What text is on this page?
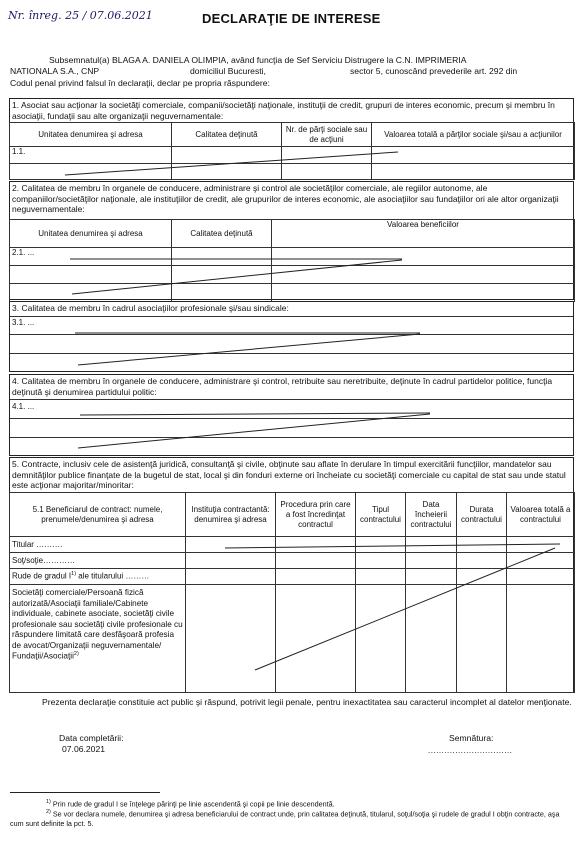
Nr. înreg. 25 / 07.06.2021	DECLARAŢIE DE INTERESE
Subsemnatul(a) BLAGA A. DANIELA OLIMPIA, având funcţia de Sef Serviciu Distrugere la C.N. IMPRIMERIA
NATIONALA S.A., CNP	domiciliul Bucuresti,	sector 5, cunoscând prevederile art. 292 din
Codul penal privind falsul în declaraţii, declar pe propria răspundere:
1. Asociat sau acţionar la societăţi comerciale, companii/societăţi naţionale, instituţii de credit, grupuri de interes economic, precum şi membru în asociaţii, fundaţii sau alte organizaţii neguvernamentale:
Unitatea denumirea şi adresa	Calitatea deţinută	Nr. de părţi sociale sau de acţiuni	Valoarea totală a părţilor sociale şi/sau a acţiunilor
1.1.			

2. Calitatea de membru în organele de conducere, administrare şi control ale societăţilor comerciale, ale regiilor autonome, ale companiilor/societăţilor naţionale, ale instituţiilor de credit, ale grupurilor de interes economic, ale asociaţiilor sau fundaţiilor ori ale altor organizaţii neguvernamentale:
Unitatea denumirea şi adresa	Calitatea deţinută	Valoarea beneficiilor
2.1. ...		

3. Calitatea de membru în cadrul asociaţiilor profesionale şi/sau sindicale:
3.1. ...
4. Calitatea de membru în organele de conducere, administrare şi control, retribuite sau neretribuite, deţinute în cadrul partidelor politice, funcţia deţinută şi denumirea partidului politic:
4.1. ...
5. Contracte, inclusiv cele de asistenţă juridică, consultanţă şi civile, obţinute sau aflate în derulare în timpul exercitării funcţiilor, mandatelor sau demnităţilor publice finanţate de la bugetul de stat, local şi din fonduri externe ori încheiate cu societăţi comerciale cu capital de stat sau unde statul este acţionar majoritar/minoritar:
5.1 Beneficiarul de contract: numele, prenumele/denumirea şi adresa	Instituţia contractantă: denumirea şi adresa	Procedura prin care a fost încredinţat contractul	Tipul contractului	Data încheierii contractului	Durata contractului	Valoarea totală a contractului
Titular ……….						
Soţ/soţie…………						
Rude de gradul $I^{1)}$ ale titularului ………						
Societăţi comerciale/Persoană fizică autorizată/Asociaţii familiale/Cabinete individuale, cabinete asociate, societăţi civile profesionale sau societăţi civile profesionale cu răspundere limitată care desfăşoară profesia de avocat/Organizaţii neguvernamentale/ Fundaţii/Asociaţii$^{2)}$						
Prezenta declaraţie constituie act public şi răspund, potrivit legii penale, pentru inexactitatea sau caracterul incomplet al datelor menţionate.
Data completării:
07.06.2021
Semnătura:
...............................
$^{1)}$ Prin rude de gradul I se înţelege părinţi pe linie ascendentă şi copii pe linie descendentă.
$^{2)}$ Se vor declara numele, denumirea şi adresa beneficiarului de contract unde, prin calitatea deţinută, titularul, soţul/soţia şi rudele de gradul I obţin contracte, aşa cum sunt definite la pct. 5.
